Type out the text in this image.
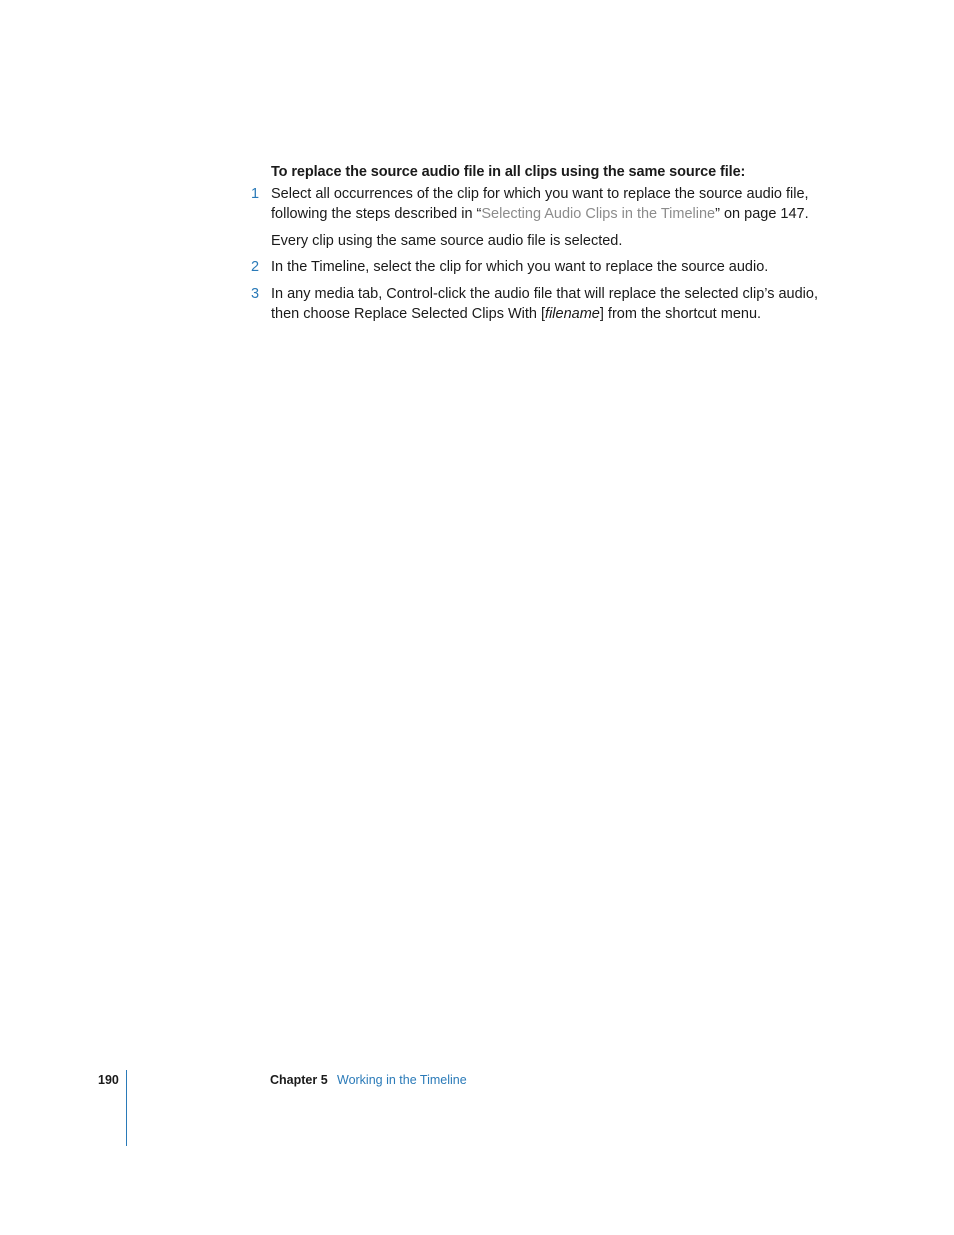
To replace the source audio file in all clips using the same source file:

1 Select all occurrences of the clip for which you want to replace the source audio file, following the steps described in “Selecting Audio Clips in the Timeline” on page 147.

Every clip using the same source audio file is selected.

2 In the Timeline, select the clip for which you want to replace the source audio.
3 In any media tab, Control-click the audio file that will replace the selected clip’s audio, then choose Replace Selected Clips With [filename] from the shortcut menu.
190	Chapter 5 Working in the Timeline
